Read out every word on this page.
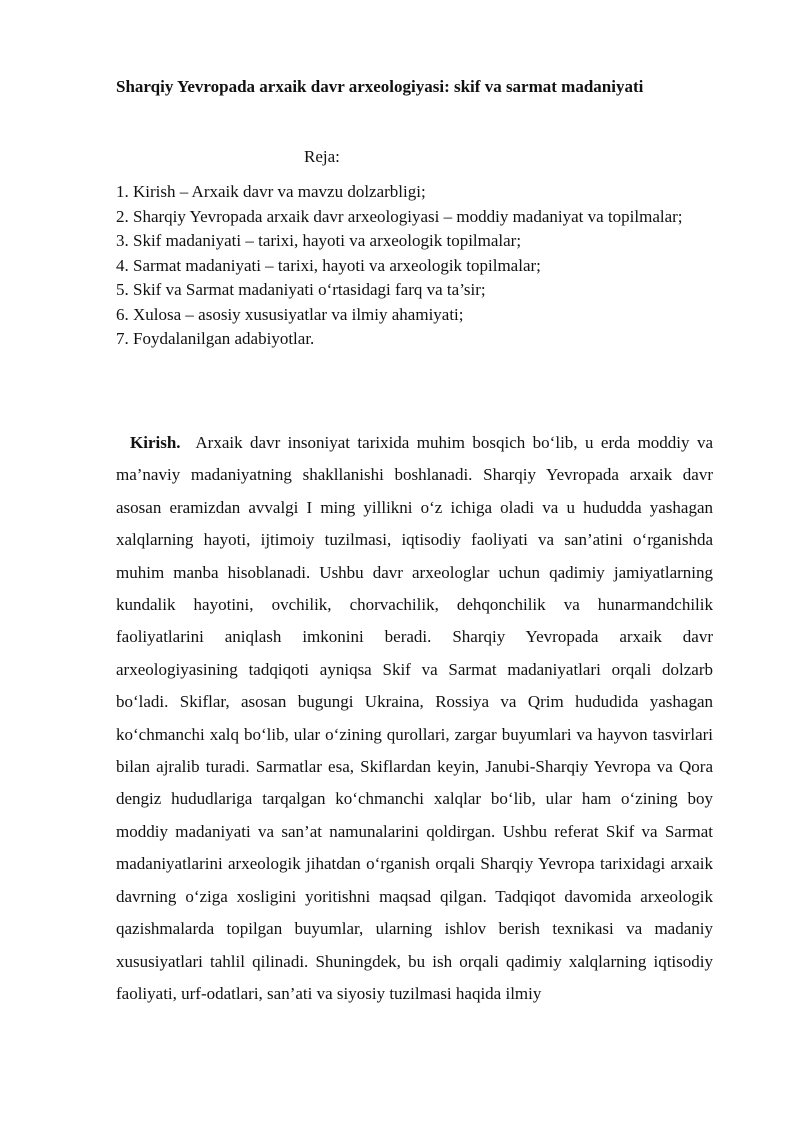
Sharqiy Yevropada arxaik davr arxeologiyasi: skif va sarmat madaniyati

Reja:

1. Kirish – Arxaik davr va mavzu dolzarbligi;
2. Sharqiy Yevropada arxaik davr arxeologiyasi – moddiy madaniyat va topilmalar;
3. Skif madaniyati – tarixi, hayoti va arxeologik topilmalar;
4. Sarmat madaniyati – tarixi, hayoti va arxeologik topilmalar;
5. Skif va Sarmat madaniyati o‘rtasidagi farq va ta’sir;
6. Xulosa – asosiy xususiyatlar va ilmiy ahamiyati;
7. Foydalanilgan adabiyotlar.

Kirish. Arxaik davr insoniyat tarixida muhim bosqich bo‘lib, u erda moddiy va ma’naviy madaniyatning shakllanishi boshlanadi. Sharqiy Yevropada arxaik davr asosan eramizdan avvalgi I ming yillikni o‘z ichiga oladi va u hududda yashagan xalqlarning hayoti, ijtimoiy tuzilmasi, iqtisodiy faoliyati va san’atini o‘rganishda muhim manba hisoblanadi. Ushbu davr arxeologlar uchun qadimiy jamiyatlarning kundalik hayotini, ovchilik, chorvachilik, dehqonchilik va hunarmandchilik faoliyatlarini aniqlash imkonini beradi. Sharqiy Yevropada arxaik davr arxeologiyasining tadqiqoti ayniqsa Skif va Sarmat madaniyatlari orqali dolzarb bo‘ladi. Skiflar, asosan bugungi Ukraina, Rossiya va Qrim hududida yashagan ko‘chmanchi xalq bo‘lib, ular o‘zining qurollari, zargar buyumlari va hayvon tasvirlari bilan ajralib turadi. Sarmatlar esa, Skiflardan keyin, Janubi-Sharqiy Yevropa va Qora dengiz hududlariga tarqalgan ko‘chmanchi xalqlar bo‘lib, ular ham o‘zining boy moddiy madaniyati va san’at namunalarini qoldirgan. Ushbu referat Skif va Sarmat madaniyatlarini arxeologik jihatdan o‘rganish orqali Sharqiy Yevropa tarixidagi arxaik davrning o‘ziga xosligini yoritishni maqsad qilgan. Tadqiqot davomida arxeologik qazishmalarda topilgan buyumlar, ularning ishlov berish texnikasi va madaniy xususiyatlari tahlil qilinadi. Shuningdek, bu ish orqali qadimiy xalqlarning iqtisodiy faoliyati, urf-odatlari, san’ati va siyosiy tuzilmasi haqida ilmiy
